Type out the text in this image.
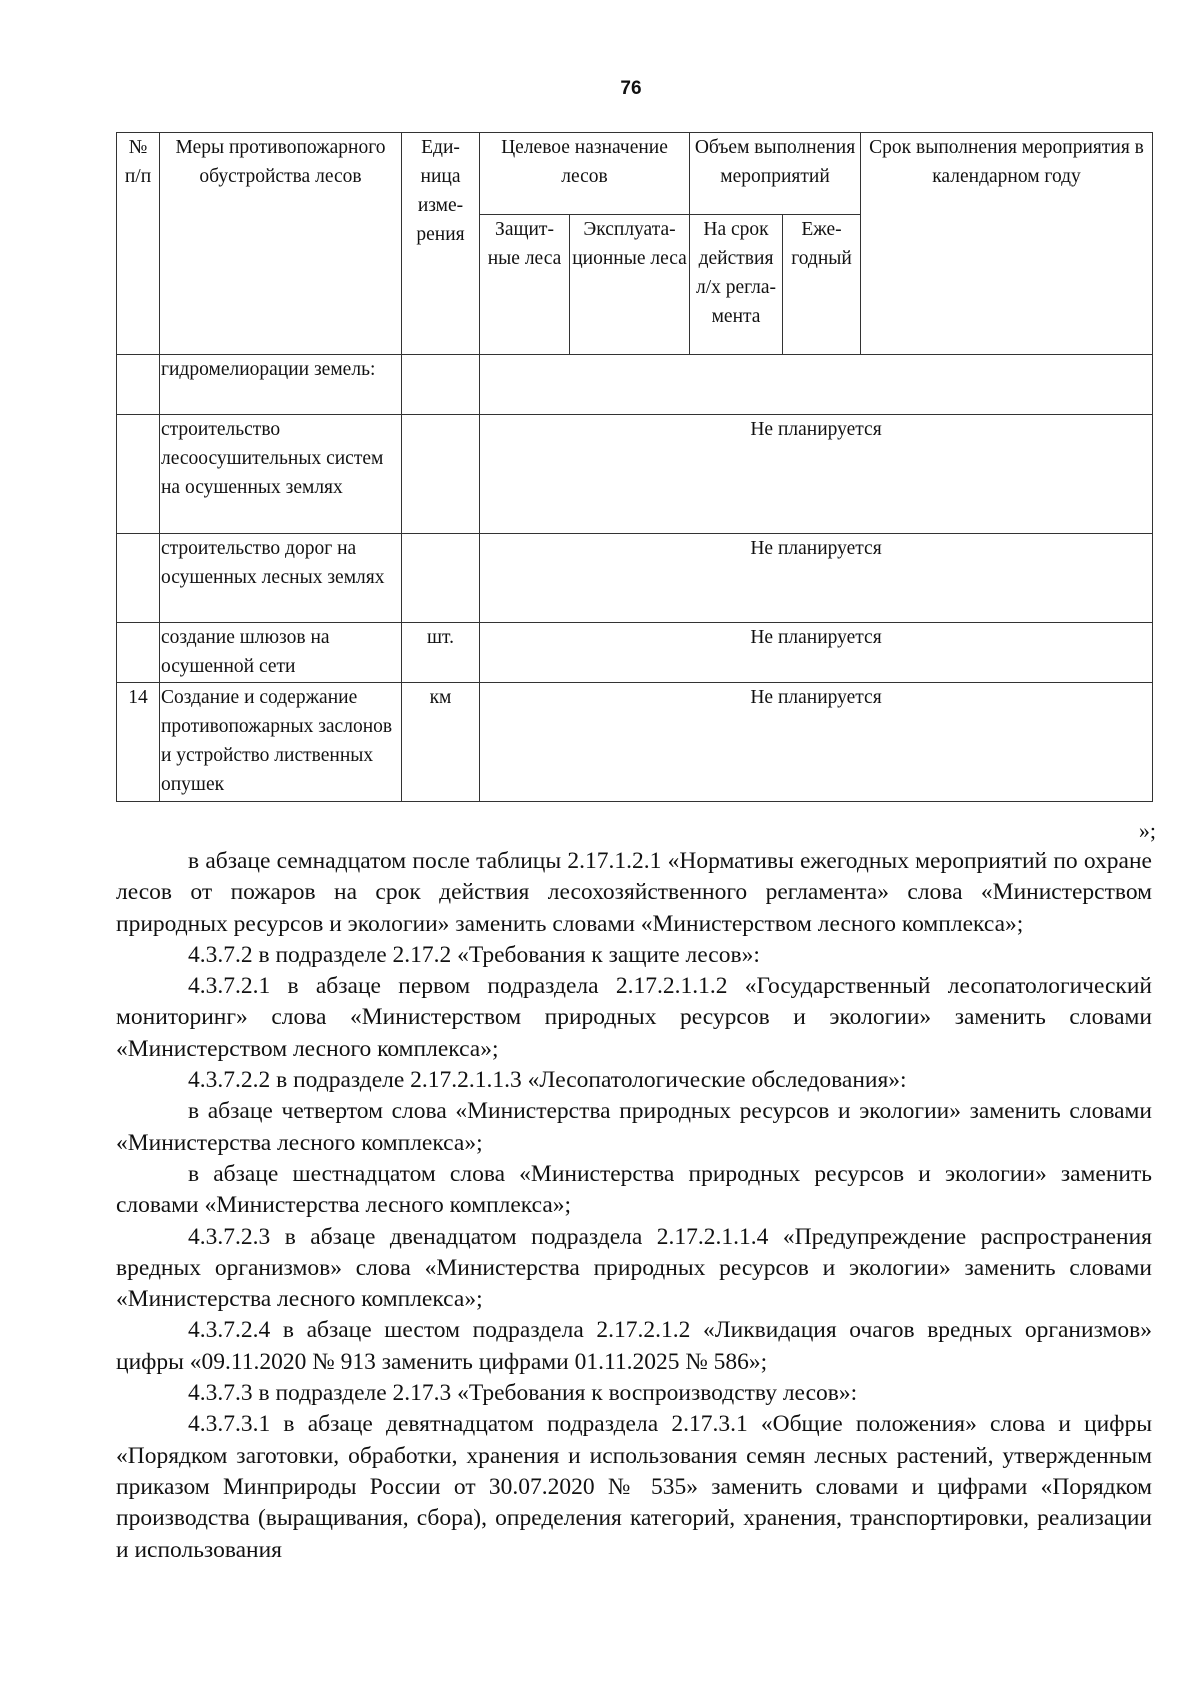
76
№ п/п	Меры противопожарного обустройства лесов	Еди-ница изме-рения	Целевое назначение лесов		Объем выполнения мероприятий		Срок выполнения мероприятия в календарном году
			Защит-ные леса	Эксплуата-ционные леса	На срок действия л/х регла-мента	Еже-годный	
	гидромелиорации земель:						
	строительство лесоосушительных систем на осушенных землях		Не планируется				
	строительство дорог на осушенных лесных землях		Не планируется				
	создание шлюзов на осушенной сети	шт.	Не планируется				
14	Создание и содержание противопожарных заслонов и устройство лиственных опушек	км	Не планируется				
»;

в абзаце семнадцатом после таблицы 2.17.1.2.1 «Нормативы ежегодных мероприятий по охране лесов от пожаров на срок действия лесохозяйственного регламента» слова «Министерством природных ресурсов и экологии» заменить словами «Министерством лесного комплекса»;

4.3.7.2 в подразделе 2.17.2 «Требования к защите лесов»:

4.3.7.2.1 в абзаце первом подраздела 2.17.2.1.1.2 «Государственный лесопатологический мониторинг» слова «Министерством природных ресурсов и экологии» заменить словами «Министерством лесного комплекса»;

4.3.7.2.2 в подразделе 2.17.2.1.1.3 «Лесопатологические обследования»:

в абзаце четвертом слова «Министерства природных ресурсов и экологии» заменить словами «Министерства лесного комплекса»;

в абзаце шестнадцатом слова «Министерства природных ресурсов и экологии» заменить словами «Министерства лесного комплекса»;

4.3.7.2.3 в абзаце двенадцатом подраздела 2.17.2.1.1.4 «Предупреждение распространения вредных организмов» слова «Министерства природных ресурсов и экологии» заменить словами «Министерства лесного комплекса»;

4.3.7.2.4 в абзаце шестом подраздела 2.17.2.1.2 «Ликвидация очагов вредных организмов» цифры «09.11.2020 № 913 заменить цифрами 01.11.2025 № 586»;

4.3.7.3 в подразделе 2.17.3 «Требования к воспроизводству лесов»:

4.3.7.3.1 в абзаце девятнадцатом подраздела 2.17.3.1 «Общие положения» слова и цифры «Порядком заготовки, обработки, хранения и использования семян лесных растений, утвержденным приказом Минприроды России от 30.07.2020 № 535» заменить словами и цифрами «Порядком производства (выращивания, сбора), определения категорий, хранения, транспортировки, реализации и использования
